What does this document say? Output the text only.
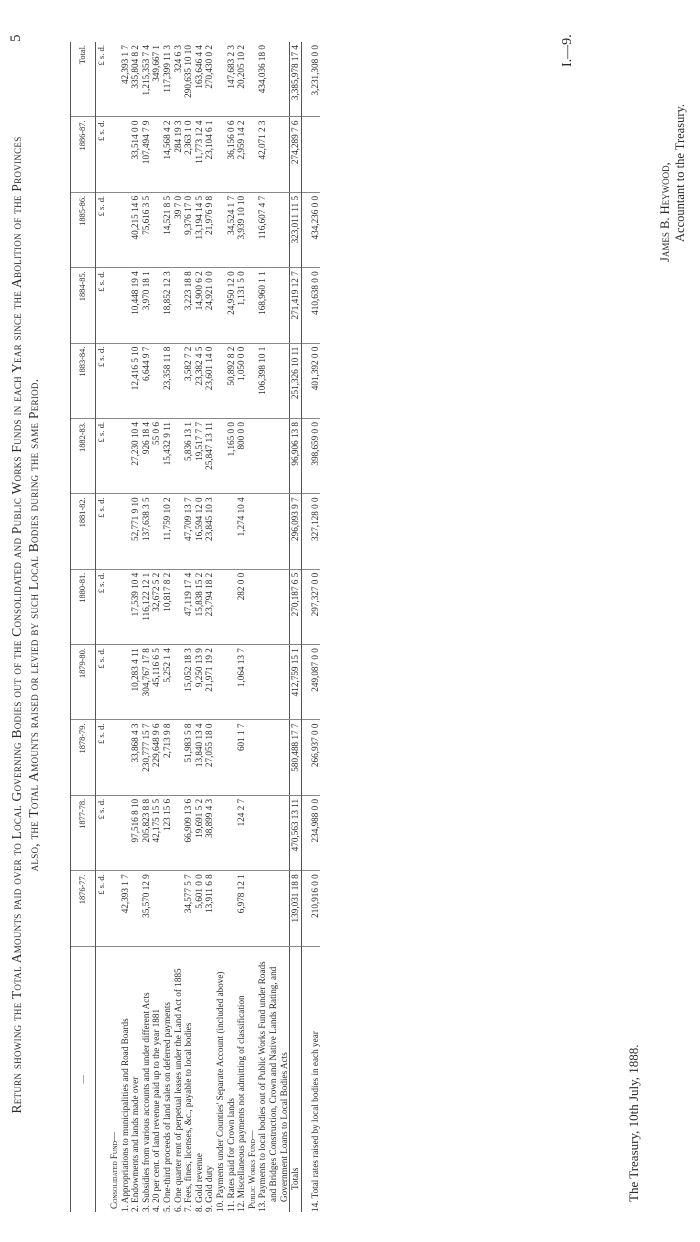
5	I.—9.
Return showing the Total Amounts paid over to Local Governing Bodies out of the Consolidated and Public Works Funds in each Year since the Abolition of the Provinces also, the Total Amounts raised or levied by such Local Bodies during the same Period.
—	1876-77.	1877-78.	1878-79.	1879-80.	1880-81.	1881-82.	1882-83.	1883-84.	1884-85.	1885-86.	1886-87.	Total.
	£ s. d.	£ s. d.	£ s. d.	£ s. d.	£ s. d.	£ s. d.	£ s. d.	£ s. d.	£ s. d.	£ s. d.	£ s. d.	£ s. d.
Consolidated Fund—												
1. Appropriations to municipalities and Road Boards	42,393 1 7											42,393 1 7
2. Endowments and lands made over		97,516 8 10	33,868 4 3	10,283 4 11	17,539 10 4	52,771 9 10	27,230 10 4	12,416 5 10	10,448 19 4	40,215 14 6	33,514 0 0	335,804 8 2
3. Subsidies from various accounts and under different Acts	35,570 12 9	205,823 8 8	230,777 15 7	304,767 17 8	116,122 12 1	137,638 3 5	926 18 4	6,644 9 7	3,970 18 1	75,616 3 5	107,494 7 9	1,215,353 7 4
4. 20 per cent. of land revenue paid up to the year 1881		42,175 15 5	229,648 9 6	45,116 6 5	32,672 5 2		55 0 6					349,667 1
5. One-third proceeds of land sales on deferred payments		123 15 6	2,713 9 8	5,252 1 4	10,817 8 2	11,759 10 2	15,432 9 11	23,358 11 8	18,852 12 3	14,521 8 5	14,568 4 2	117,399 11 3
6. One quarter rent of perpetual leases under the Land Act of 1885										39 7 0	284 19 3	324 6 3
7. Fees, fines, licenses, &c., payable to local bodies	34,577 5 7	66,909 13 6	51,983 5 8	15,052 18 3	47,119 17 4	47,709 13 7	5,836 13 1	3,582 7 2	3,223 18 8	9,376 17 0	2,363 1 0	290,635 10 10
8. Gold revenue	5,601 0 0	19,691 5 2	13,840 13 4	9,250 13 9	15,838 15 2	16,594 12 0	19,517 7 7	23,382 4 5	14,900 6 2	13,194 14 5	11,773 12 4	163,646 4 4
9. Gold duty	13,911 6 8	38,899 4 3	27,055 18 0	21,971 19 2	23,794 18 2	23,845 10 3	25,847 13 11	23,601 14 0	24,921 0 0	21,976 9 8	23,104 6 1	270,430 0 2
10. Payments under Counties' Separate Account (included above)												
11. Rates paid for Crown lands							1,165 0 0	50,892 8 2	24,950 12 0	34,524 1 7	36,156 0 6	147,683 2 3
12. Miscellaneous payments not admitting of classification	6,978 12 1	124 2 7	601 1 7	1,064 13 7	282 0 0	1,274 10 4	800 0 0	1,050 0 0	1,131 5 0	3,939 10 10	2,959 14 2	20,205 10 2
Public Works Fund—												
13. Payments to local bodies out of Public Works Fund under Roads and Bridges Construction, Crown and Native Lands Rating, and Government Loans to Local Bodies Acts								106,398 10 1	168,960 1 1	116,607 4 7	42,071 2 3	434,036 18 0
Totals	139,031 18 8	470,563 13 11	580,488 17 7	412,759 15 1	270,187 6 5	296,093 9 7	96,906 13 8	251,326 10 11	271,419 12 7	323,011 11 5	274,289 7 6	3,385,978 17 4
14. Total rates raised by local bodies in each year	210,916 0 0	234,988 0 0	266,937 0 0	249,087 0 0	297,327 0 0	327,128 0 0	398,659 0 0	401,392 0 0	410,638 0 0	434,236 0 0		3,231,308 0 0
The Treasury, 10th July, 1888.
James B. Heywood, Accountant to the Treasury.
